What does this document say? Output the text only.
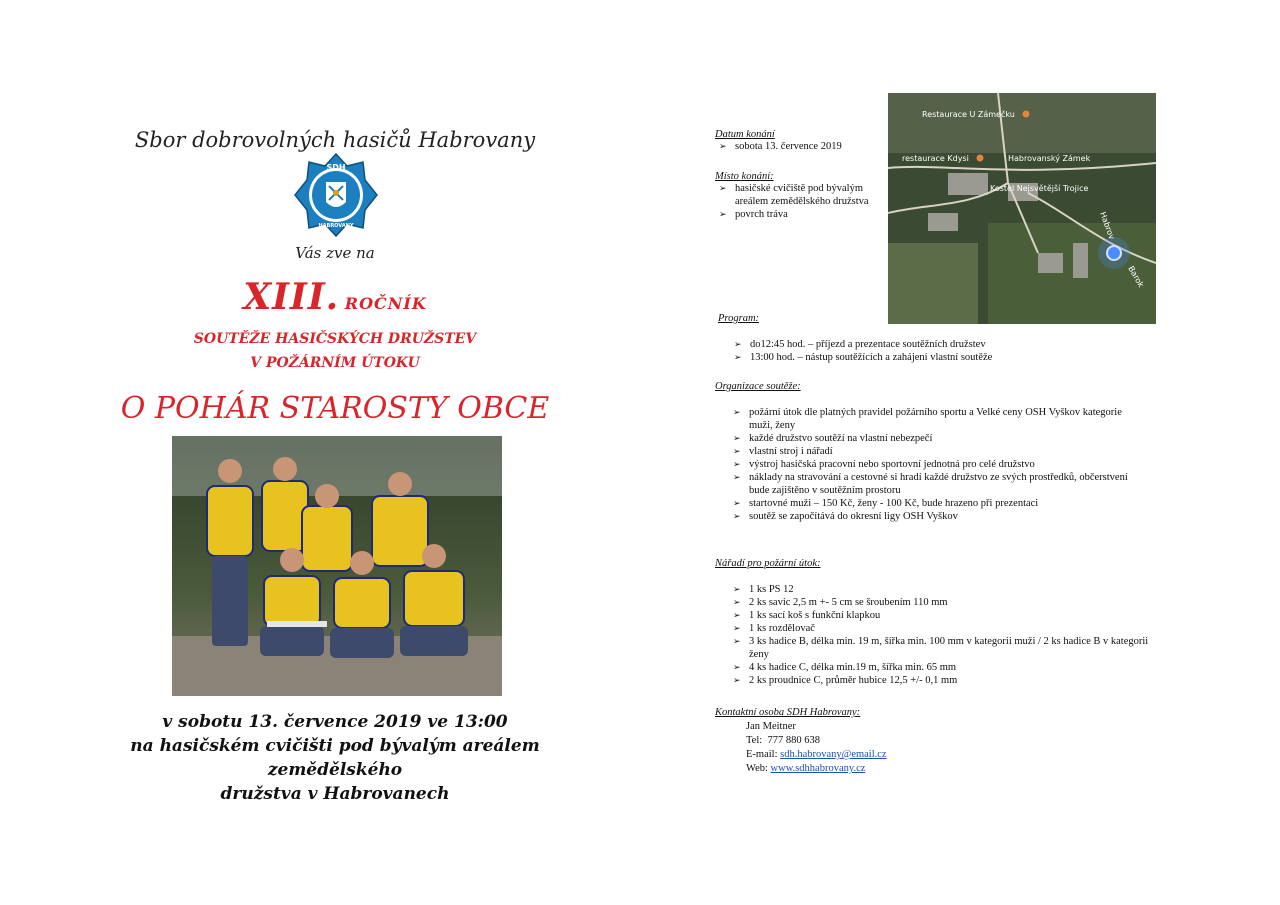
Sbor dobrovolných hasičů Habrovany
SDH
HABROVANY
Vás zve na
XIII. ROČNÍK
SOUTĚŽE HASIČSKÝCH DRUŽSTEV
V POŽÁRNÍM ÚTOKU
O POHÁR STAROSTY OBCE
v sobotu 13. července 2019 ve 13:00
na hasičském cvičišti pod bývalým areálem zemědělského
družstva v Habrovanech
Restaurace U Zámečku
restaurace Kdysi	Habrovanský Zámek
Kostel Nejsvětější Trojice
Habrov
Barok
Datum konání
➢ sobota 13. července 2019
Místo konání:
➢ hasičské cvičiště pod bývalým areálem zemědělského družstva
➢ povrch tráva
Program:
➢ do12:45 hod. – příjezd a prezentace soutěžních družstev
➢ 13:00 hod. – nástup soutěžících a zahájení vlastní soutěže
Organizace soutěže:
➢ požární útok dle platných pravidel požárního sportu a Velké ceny OSH Vyškov kategorie muži, ženy
➢ každé družstvo soutěží na vlastní nebezpečí
➢ vlastní stroj i nářadí
➢ výstroj hasičská pracovní nebo sportovní jednotná pro celé družstvo
➢ náklady na stravování a cestovné si hradí každé družstvo ze svých prostředků, občerstvení bude zajištěno v soutěžním prostoru
➢ startovné muži – 150 Kč, ženy - 100 Kč, bude hrazeno při prezentaci
➢ soutěž se započítává do okresní ligy OSH Vyškov
Nářadí pro požární útok:
➢ 1 ks PS 12
➢ 2 ks savic 2,5 m +- 5 cm se šroubením 110 mm
➢ 1 ks sací koš s funkční klapkou
➢ 1 ks rozdělovač
➢ 3 ks hadice B, délka min. 19 m, šířka min. 100 mm v kategorii muži / 2 ks hadice B v kategorii ženy
➢ 4 ks hadice C, délka min.19 m, šířka min. 65 mm
➢ 2 ks proudnice C, průměr hubice 12,5 +/- 0,1 mm
Kontaktní osoba SDH Habrovany:
Jan Meitner
Tel: 777 880 638
E-mail: sdh.habrovany@email.cz
Web: www.sdhhabrovany.cz
